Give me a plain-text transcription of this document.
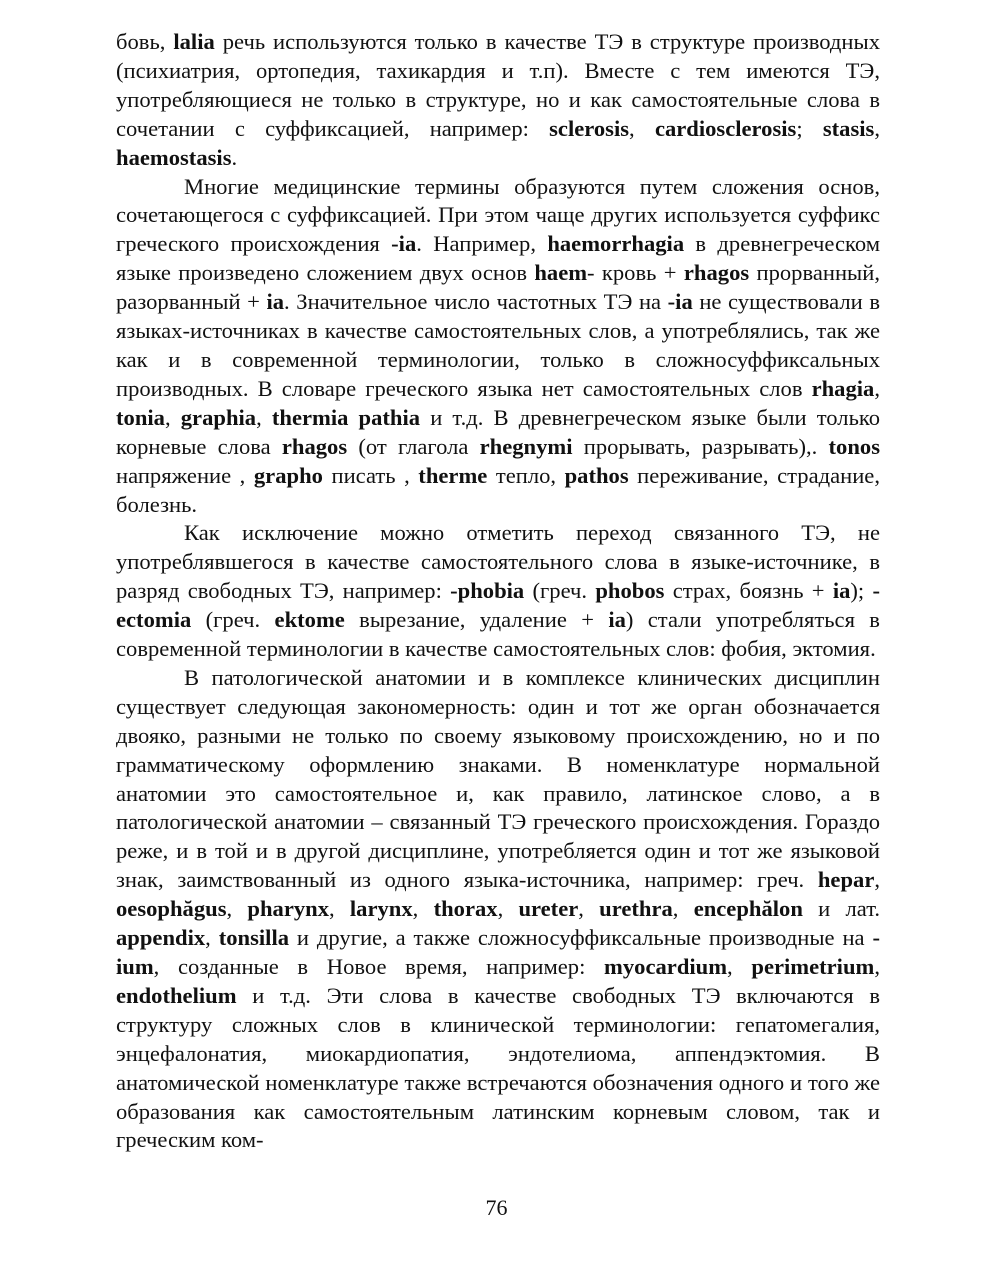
бовь, lalia речь используются только в качестве ТЭ в структуре производных (психиатрия, ортопедия, тахикардия и т.п). Вместе с тем имеются ТЭ, употребляющиеся не только в структуре, но и как самостоятельные слова в сочетании с суффиксацией, например: sclerosis, cardiosclerosis; stasis, haemostasis.

Многие медицинские термины образуются путем сложения основ, сочетающегося с суффиксацией. При этом чаще других используется суффикс греческого происхождения -ia. Например, haemorrhagia в древнегреческом языке произведено сложением двух основ haem- кровь + rhagos прорванный, разорванный + ia. Значительное число частотных ТЭ на -ia не существовали в языках-источниках в качестве самостоятельных слов, а употреблялись, так же как и в современной терминологии, только в сложносуффиксальных производных. В словаре греческого языка нет самостоятельных слов rhagia, tonia, graphia, thermia pathia и т.д. В древнегреческом языке были только корневые слова rhagos (от глагола rhegnymi прорывать, разрывать),. tonos напряжение , grapho писать , therme тепло, pathos переживание, страдание, болезнь.

Как исключение можно отметить переход связанного ТЭ, не употреблявшегося в качестве самостоятельного слова в языке-источнике, в разряд свободных ТЭ, например: -phobia (греч. phobos страх, боязнь + ia); -ectomia (греч. ektome вырезание, удаление + ia) стали употребляться в современной терминологии в качестве самостоятельных слов: фобия, эктомия.

В патологической анатомии и в комплексе клинических дисциплин существует следующая закономерность: один и тот же орган обозначается двояко, разными не только по своему языковому происхождению, но и по грамматическому оформлению знаками. В номенклатуре нормальной анатомии это самостоятельное и, как правило, латинское слово, а в патологической анатомии – связанный ТЭ греческого происхождения. Гораздо реже, и в той и в другой дисциплине, употребляется один и тот же языковой знак, заимствованный из одного языка-источника, например: греч. hepar, oesophăgus, pharynx, larynx, thorax, ureter, urethra, encephălon и лат. appendix, tonsilla и другие, а также сложносуффиксальные производные на -ium, созданные в Новое время, например: myocardium, perimetrium, endothelium и т.д. Эти слова в качестве свободных ТЭ включаются в структуру сложных слов в клинической терминологии: гепатомегалия, энцефалонатия, миокардиопатия, эндотелиома, аппендэктомия. В анатомической номенклатуре также встречаются обозначения одного и того же образования как самостоятельным латинским корневым словом, так и греческим ком-

76
